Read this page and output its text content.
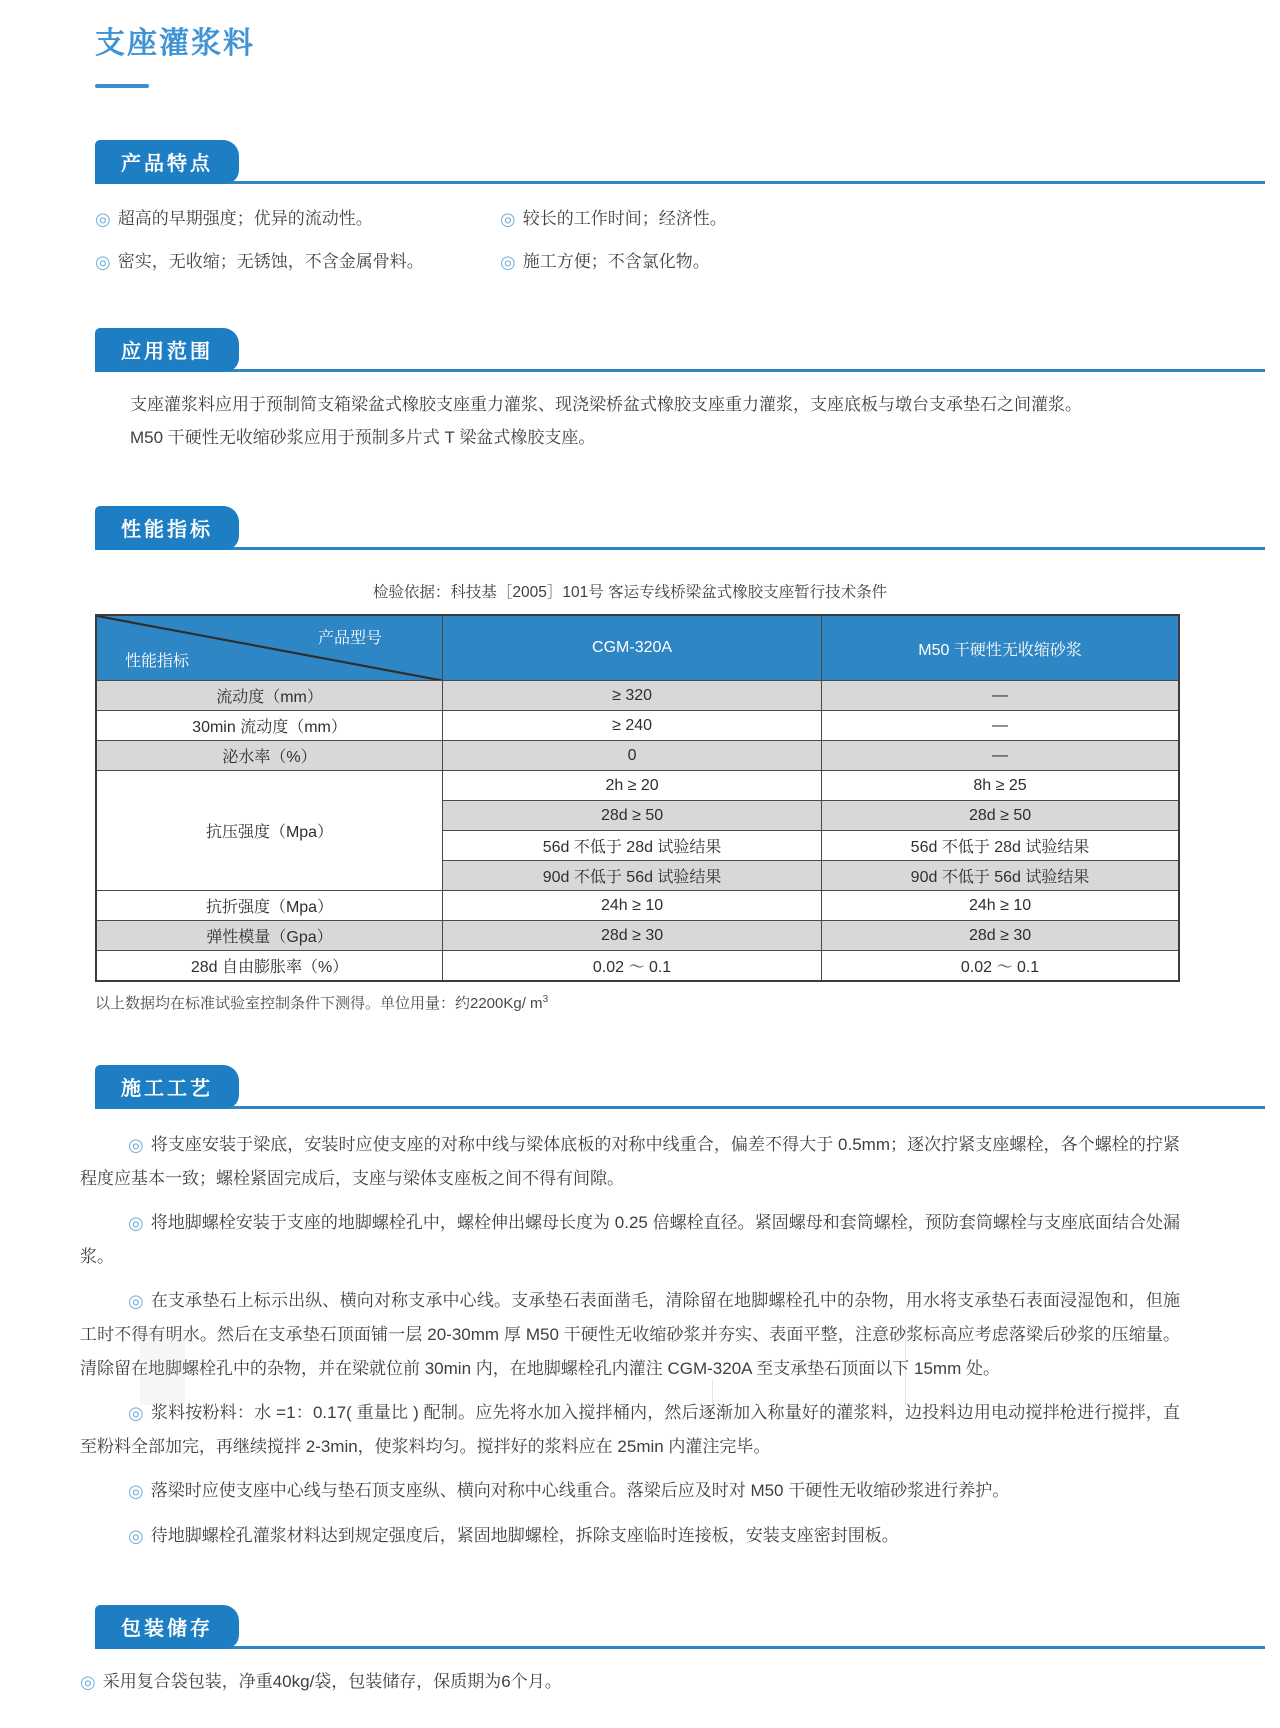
支座灌浆料
产品特点
◎ 超高的早期强度；优异的流动性。	◎ 较长的工作时间；经济性。
◎ 密实，无收缩；无锈蚀，不含金属骨料。	◎ 施工方便；不含氯化物。
应用范围

支座灌浆料应用于预制简支箱梁盆式橡胶支座重力灌浆、现浇梁桥盆式橡胶支座重力灌浆，支座底板与墩台支承垫石之间灌浆。

M50 干硬性无收缩砂浆应用于预制多片式 T 梁盆式橡胶支座。

性能指标
检验依据：科技基［2005］101号 客运专线桥梁盆式橡胶支座暂行技术条件
产品型号
性能指标	CGM-320A	M50 干硬性无收缩砂浆
流动度（mm）	≥ 320	—
30min 流动度（mm）	≥ 240	—
泌水率（%）	0	—
抗压强度（Mpa）	2h ≥ 20	8h ≥ 25
	28d ≥ 50	28d ≥ 50
	56d 不低于 28d 试验结果	56d 不低于 28d 试验结果
	90d 不低于 56d 试验结果	90d 不低于 56d 试验结果
抗折强度（Mpa）	24h ≥ 10	24h ≥ 10
弹性模量（Gpa）	28d ≥ 30	28d ≥ 30
28d 自由膨胀率（%）	0.02 ～ 0.1	0.02 ～ 0.1
以上数据均在标准试验室控制条件下测得。单位用量：约2200Kg/ $m^3$
施工工艺

◎ 将支座安装于梁底，安装时应使支座的对称中线与梁体底板的对称中线重合，偏差不得大于 0.5mm；逐次拧紧支座螺栓，各个螺栓的拧紧程度应基本一致；螺栓紧固完成后，支座与梁体支座板之间不得有间隙。

◎ 将地脚螺栓安装于支座的地脚螺栓孔中，螺栓伸出螺母长度为 0.25 倍螺栓直径。紧固螺母和套筒螺栓，预防套筒螺栓与支座底面结合处漏浆。

◎ 在支承垫石上标示出纵、横向对称支承中心线。支承垫石表面凿毛，清除留在地脚螺栓孔中的杂物，用水将支承垫石表面浸湿饱和，但施工时不得有明水。然后在支承垫石顶面铺一层 20-30mm 厚 M50 干硬性无收缩砂浆并夯实、表面平整，注意砂浆标高应考虑落梁后砂浆的压缩量。清除留在地脚螺栓孔中的杂物，并在梁就位前 30min 内，在地脚螺栓孔内灌注 CGM-320A 至支承垫石顶面以下 15mm 处。

◎ 浆料按粉料：水 =1：0.17( 重量比 ) 配制。应先将水加入搅拌桶内，然后逐渐加入称量好的灌浆料，边投料边用电动搅拌枪进行搅拌，直至粉料全部加完，再继续搅拌 2-3min，使浆料均匀。搅拌好的浆料应在 25min 内灌注完毕。

◎ 落梁时应使支座中心线与垫石顶支座纵、横向对称中心线重合。落梁后应及时对 M50 干硬性无收缩砂浆进行养护。

◎ 待地脚螺栓孔灌浆材料达到规定强度后，紧固地脚螺栓，拆除支座临时连接板，安装支座密封围板。

包装储存

◎ 采用复合袋包装，净重40kg/袋，包装储存，保质期为6个月。
